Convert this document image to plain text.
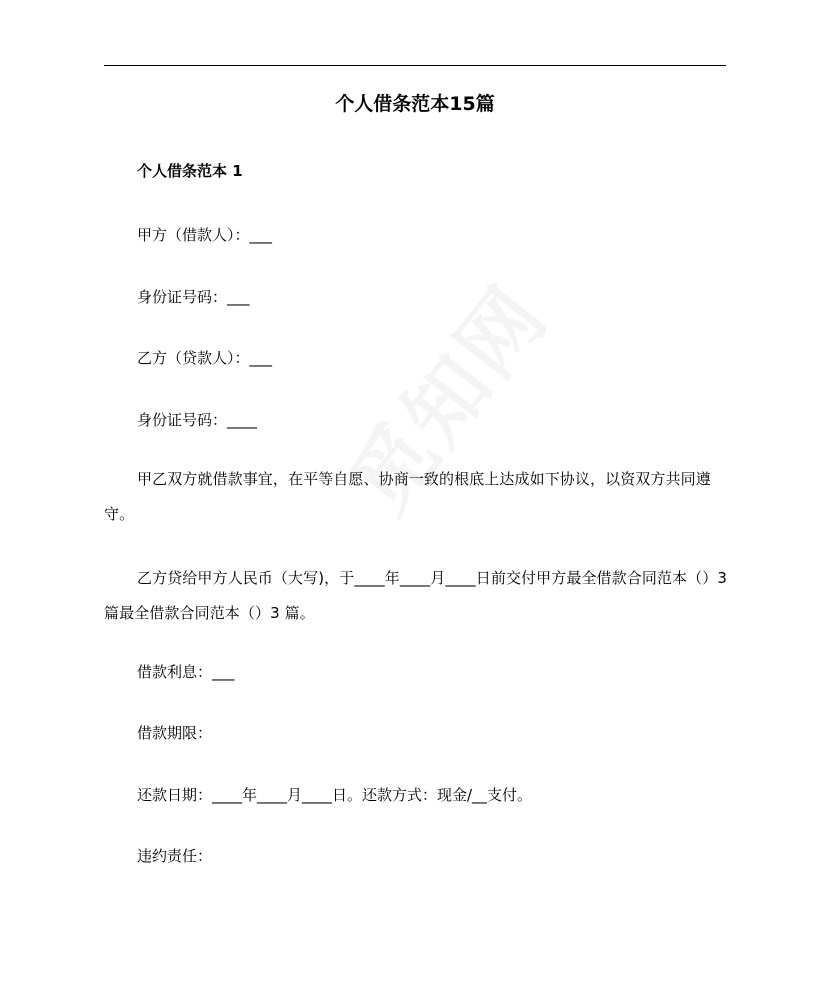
个人借条范本15篇
个人借条范本 1

甲方（借款人）：___

身份证号码：___

乙方（贷款人）：___

身份证号码：____

甲乙双方就借款事宜，在平等自愿、协商一致的根底上达成如下协议，以资双方共同遵守。

乙方贷给甲方人民币（大写)，于____年____月____日前交付甲方最全借款合同范本（）3 篇最全借款合同范本（）3 篇。

借款利息：___

借款期限：

还款日期：____年____月____日。还款方式：现金/__支付。

违约责任：
